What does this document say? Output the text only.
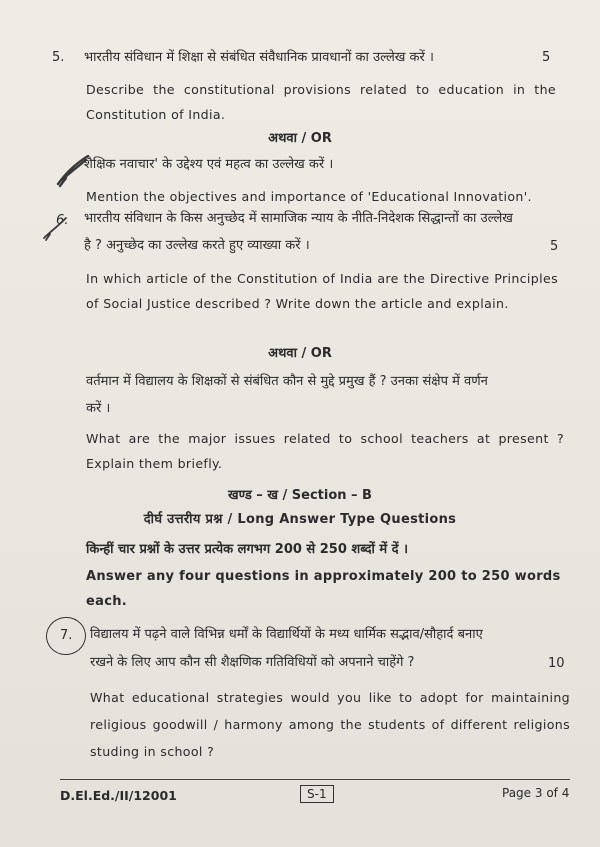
5. भारतीय संविधान में शिक्षा से संबंधित संवैधानिक प्रावधानों का उल्लेख करें ।	5
Describe the constitutional provisions related to education in the Constitution of India.
अथवा / OR
शैक्षिक नवाचार' के उद्देश्य एवं महत्व का उल्लेख करें ।
Mention the objectives and importance of 'Educational Innovation'.
6. भारतीय संविधान के किस अनुच्छेद में सामाजिक न्याय के नीति-निदेशक सिद्धान्तों का उल्लेख
है ? अनुच्छेद का उल्लेख करते हुए व्याख्या करें ।	5
In which article of the Constitution of India are the Directive Principles of Social Justice described ? Write down the article and explain.
अथवा / OR
वर्तमान में विद्यालय के शिक्षकों से संबंधित कौन से मुद्दे प्रमुख हैं ? उनका संक्षेप में वर्णन
करें ।
What are the major issues related to school teachers at present ? Explain them briefly.
खण्ड – ख / Section – B
दीर्घ उत्तरीय प्रश्न / Long Answer Type Questions
किन्हीं चार प्रश्नों के उत्तर प्रत्येक लगभग 200 से 250 शब्दों में दें ।
Answer any four questions in approximately 200 to 250 words each.
7. विद्यालय में पढ़ने वाले विभिन्न धर्मों के विद्यार्थियों के मध्य धार्मिक सद्भाव/सौहार्द बनाए
रखने के लिए आप कौन सी शैक्षणिक गतिविधियों को अपनाने चाहेंगे ?	10
What educational strategies would you like to adopt for maintaining religious goodwill / harmony among the students of different religions studing in school ?
D.El.Ed./II/12001	S-1	Page 3 of 4
